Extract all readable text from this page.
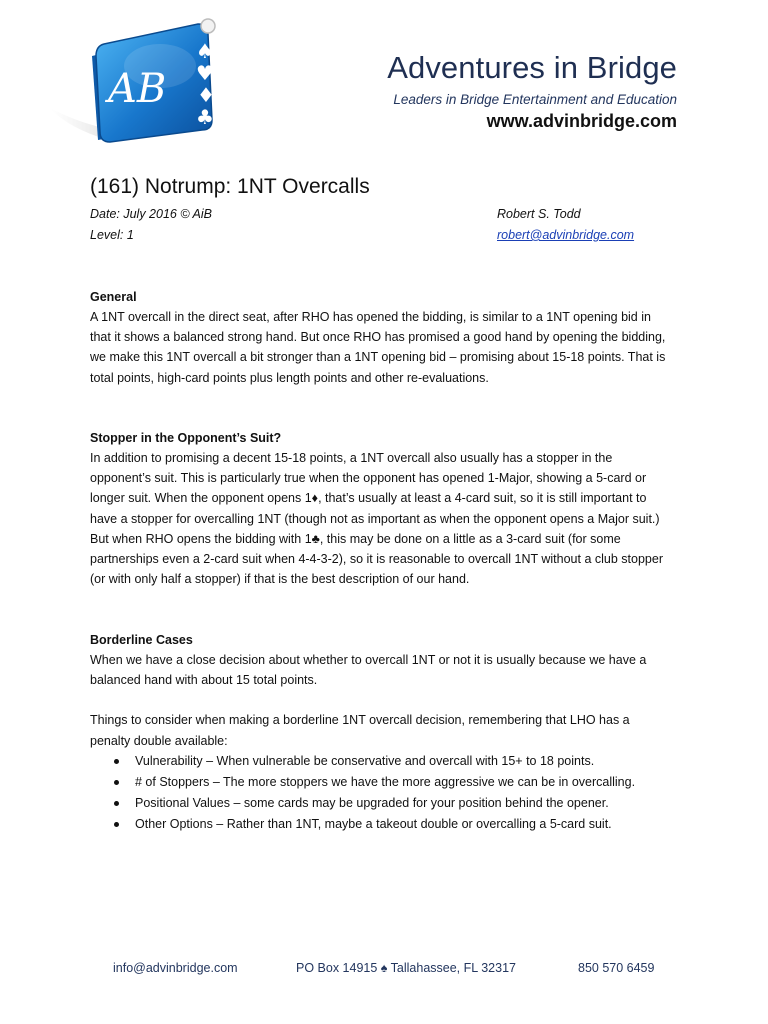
AB
♠
♥
♦
♣
Adventures in Bridge
Leaders in Bridge Entertainment and Education
www.advinbridge.com
(161) Notrump: 1NT Overcalls
Date: July 2016 © AiB
Level: 1
Robert S. Todd
robert@advinbridge.com
General
A 1NT overcall in the direct seat, after RHO has opened the bidding, is similar to a 1NT opening bid in
that it shows a balanced strong hand. But once RHO has promised a good hand by opening the bidding,
we make this 1NT overcall a bit stronger than a 1NT opening bid – promising about 15-18 points. That is
total points, high-card points plus length points and other re-evaluations.
Stopper in the Opponent’s Suit?
In addition to promising a decent 15-18 points, a 1NT overcall also usually has a stopper in the
opponent’s suit. This is particularly true when the opponent has opened 1-Major, showing a 5-card or
longer suit. When the opponent opens 1♦, that’s usually at least a 4-card suit, so it is still important to
have a stopper for overcalling 1NT (though not as important as when the opponent opens a Major suit.)
But when RHO opens the bidding with 1♣, this may be done on a little as a 3-card suit (for some
partnerships even a 2-card suit when 4-4-3-2), so it is reasonable to overcall 1NT without a club stopper
(or with only half a stopper) if that is the best description of our hand.
Borderline Cases
When we have a close decision about whether to overcall 1NT or not it is usually because we have a
balanced hand with about 15 total points.
Things to consider when making a borderline 1NT overcall decision, remembering that LHO has a
penalty double available:
Vulnerability – When vulnerable be conservative and overcall with 15+ to 18 points.
# of Stoppers – The more stoppers we have the more aggressive we can be in overcalling.
Positional Values – some cards may be upgraded for your position behind the opener.
Other Options – Rather than 1NT, maybe a takeout double or overcalling a 5-card suit.
info@advinbridge.com	PO Box 14915 ♠ Tallahassee, FL 32317	850 570 6459
